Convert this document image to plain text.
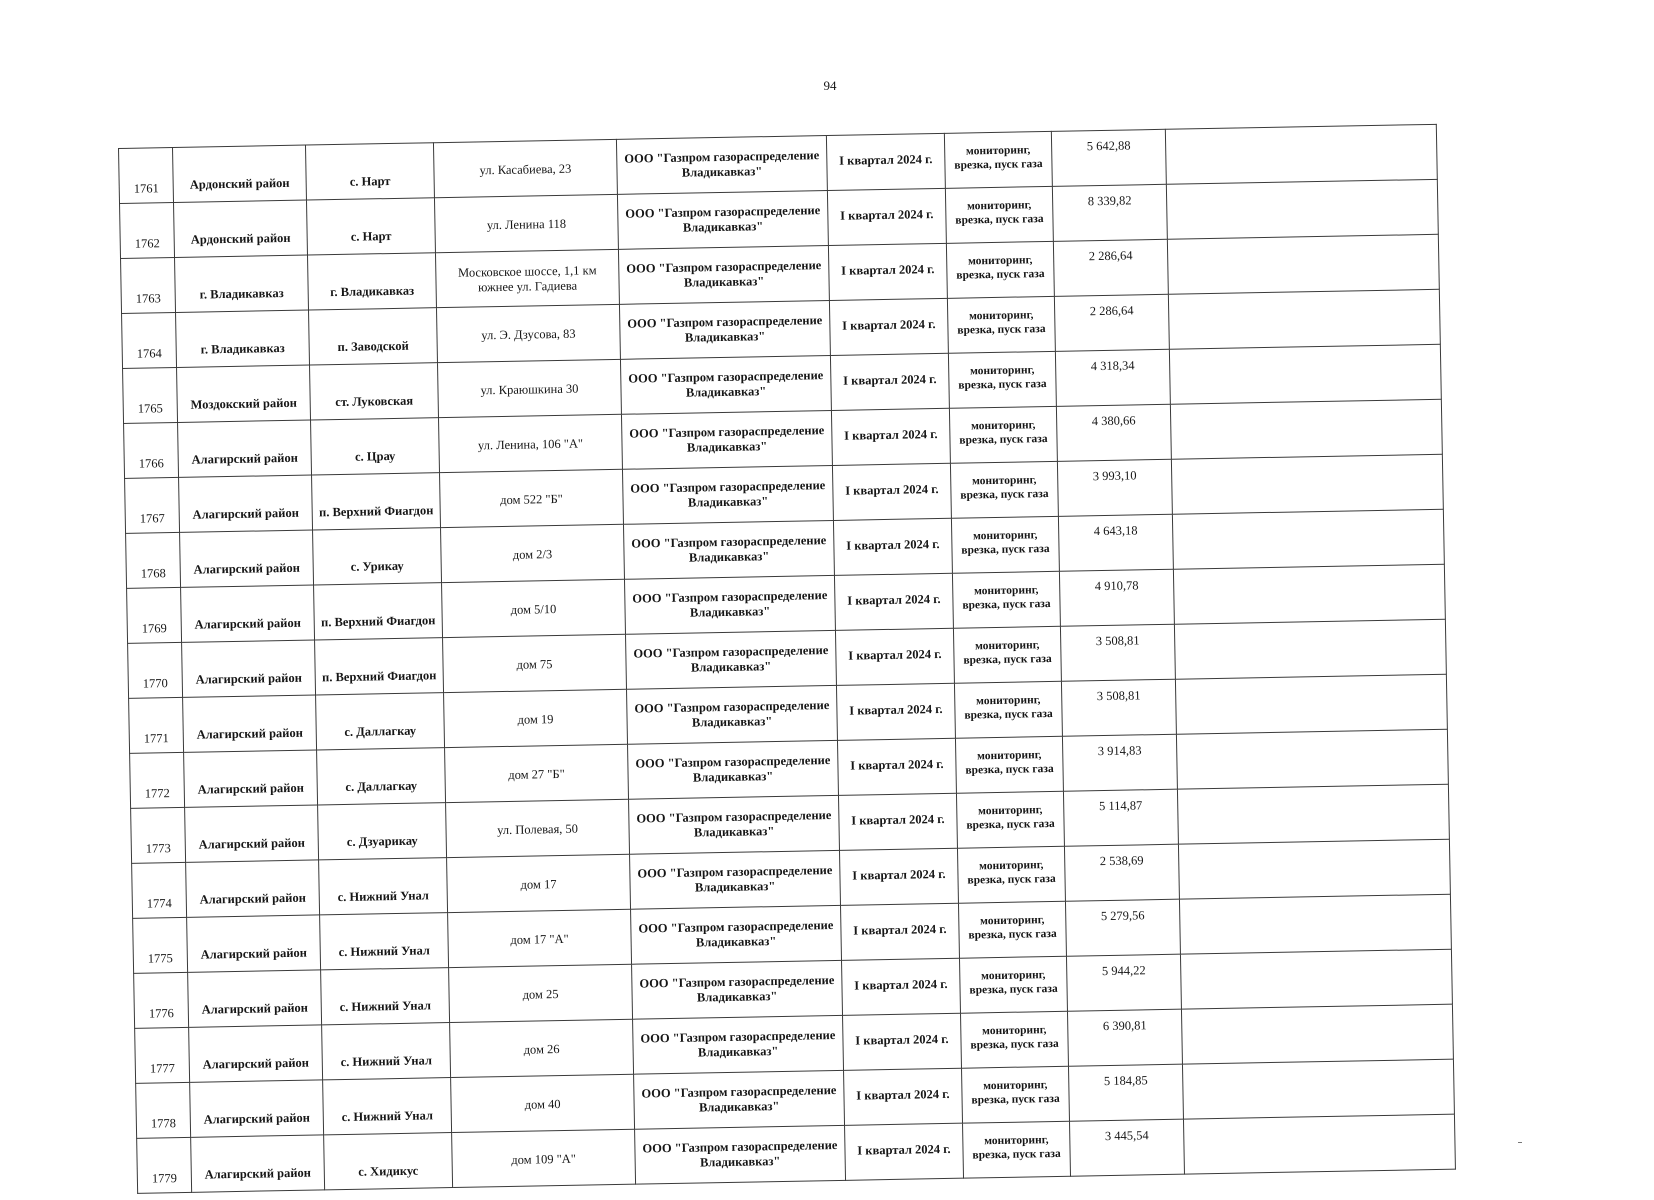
94
1761	Ардонский район	с. Нарт	ул. Касабиева, 23	ООО "Газпром газораспределение Владикавказ"	I квартал 2024 г.	мониторинг, врезка, пуск газа	5 642,88	
1762	Ардонский район	с. Нарт	ул. Ленина 118	ООО "Газпром газораспределение Владикавказ"	I квартал 2024 г.	мониторинг, врезка, пуск газа	8 339,82	
1763	г. Владикавказ	г. Владикавказ	Московское шоссе, 1,1 км южнее ул. Гадиева	ООО "Газпром газораспределение Владикавказ"	I квартал 2024 г.	мониторинг, врезка, пуск газа	2 286,64	
1764	г. Владикавказ	п. Заводской	ул. Э. Дзусова, 83	ООО "Газпром газораспределение Владикавказ"	I квартал 2024 г.	мониторинг, врезка, пуск газа	2 286,64	
1765	Моздокский район	ст. Луковская	ул. Краюшкина 30	ООО "Газпром газораспределение Владикавказ"	I квартал 2024 г.	мониторинг, врезка, пуск газа	4 318,34	
1766	Алагирский район	с. Црау	ул. Ленина, 106 "А"	ООО "Газпром газораспределение Владикавказ"	I квартал 2024 г.	мониторинг, врезка, пуск газа	4 380,66	
1767	Алагирский район	п. Верхний Фиагдон	дом 522 "Б"	ООО "Газпром газораспределение Владикавказ"	I квартал 2024 г.	мониторинг, врезка, пуск газа	3 993,10	
1768	Алагирский район	с. Урикау	дом 2/3	ООО "Газпром газораспределение Владикавказ"	I квартал 2024 г.	мониторинг, врезка, пуск газа	4 643,18	
1769	Алагирский район	п. Верхний Фиагдон	дом 5/10	ООО "Газпром газораспределение Владикавказ"	I квартал 2024 г.	мониторинг, врезка, пуск газа	4 910,78	
1770	Алагирский район	п. Верхний Фиагдон	дом 75	ООО "Газпром газораспределение Владикавказ"	I квартал 2024 г.	мониторинг, врезка, пуск газа	3 508,81	
1771	Алагирский район	с. Даллагкау	дом 19	ООО "Газпром газораспределение Владикавказ"	I квартал 2024 г.	мониторинг, врезка, пуск газа	3 508,81	
1772	Алагирский район	с. Даллагкау	дом 27 "Б"	ООО "Газпром газораспределение Владикавказ"	I квартал 2024 г.	мониторинг, врезка, пуск газа	3 914,83	
1773	Алагирский район	с. Дзуарикау	ул. Полевая, 50	ООО "Газпром газораспределение Владикавказ"	I квартал 2024 г.	мониторинг, врезка, пуск газа	5 114,87	
1774	Алагирский район	с. Нижний Унал	дом 17	ООО "Газпром газораспределение Владикавказ"	I квартал 2024 г.	мониторинг, врезка, пуск газа	2 538,69	
1775	Алагирский район	с. Нижний Унал	дом 17 "А"	ООО "Газпром газораспределение Владикавказ"	I квартал 2024 г.	мониторинг, врезка, пуск газа	5 279,56	
1776	Алагирский район	с. Нижний Унал	дом 25	ООО "Газпром газораспределение Владикавказ"	I квартал 2024 г.	мониторинг, врезка, пуск газа	5 944,22	
1777	Алагирский район	с. Нижний Унал	дом 26	ООО "Газпром газораспределение Владикавказ"	I квартал 2024 г.	мониторинг, врезка, пуск газа	6 390,81	
1778	Алагирский район	с. Нижний Унал	дом 40	ООО "Газпром газораспределение Владикавказ"	I квартал 2024 г.	мониторинг, врезка, пуск газа	5 184,85	
1779	Алагирский район	с. Хидикус	дом 109 "А"	ООО "Газпром газораспределение Владикавказ"	I квартал 2024 г.	мониторинг, врезка, пуск газа	3 445,54	
